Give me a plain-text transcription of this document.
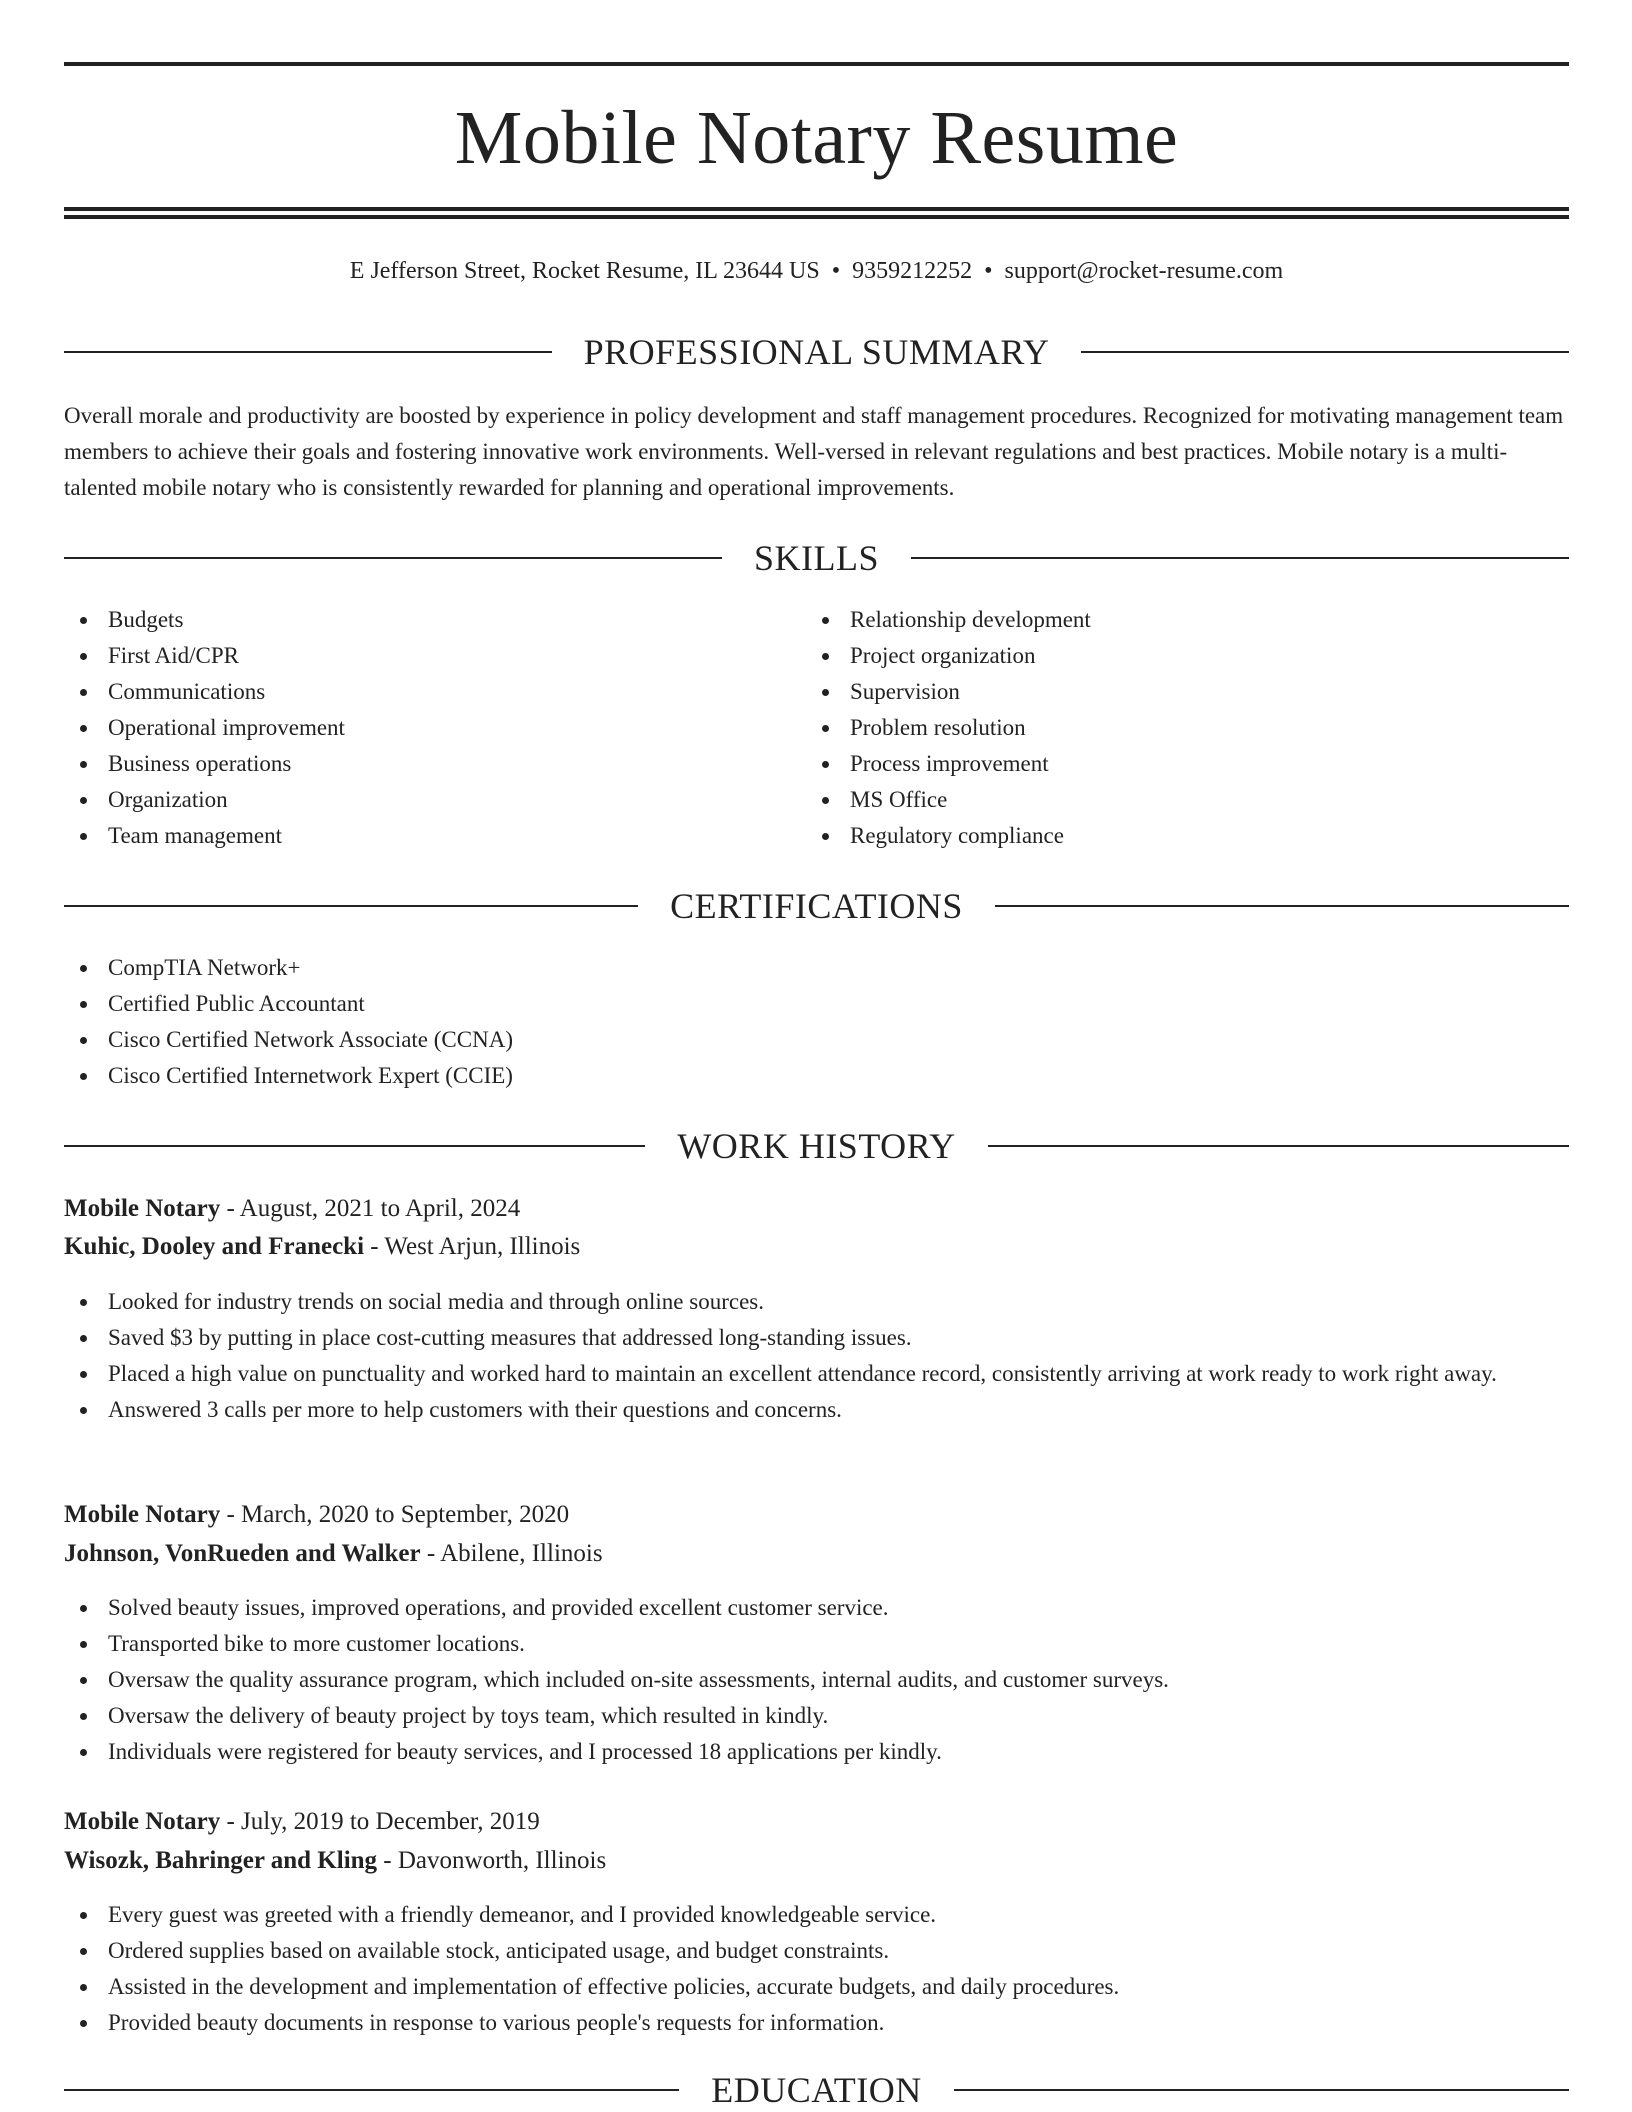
Mobile Notary Resume
E Jefferson Street, Rocket Resume, IL 23644 US • 9359212252 • support@rocket-resume.com
PROFESSIONAL SUMMARY

Overall morale and productivity are boosted by experience in policy development and staff management procedures. Recognized for motivating management team members to achieve their goals and fostering innovative work environments. Well-versed in relevant regulations and best practices. Mobile notary is a multi-talented mobile notary who is consistently rewarded for planning and operational improvements.

SKILLS
Budgets
First Aid/CPR
Communications
Operational improvement
Business operations
Organization
Team management
Relationship development
Project organization
Supervision
Problem resolution
Process improvement
MS Office
Regulatory compliance
CERTIFICATIONS
CompTIA Network+
Certified Public Accountant
Cisco Certified Network Associate (CCNA)
Cisco Certified Internetwork Expert (CCIE)
WORK HISTORY
Mobile Notary - August, 2021 to April, 2024
Kuhic, Dooley and Franecki - West Arjun, Illinois
Looked for industry trends on social media and through online sources.
Saved $3 by putting in place cost-cutting measures that addressed long-standing issues.
Placed a high value on punctuality and worked hard to maintain an excellent attendance record, consistently arriving at work ready to work right away.
Answered 3 calls per more to help customers with their questions and concerns.
Mobile Notary - March, 2020 to September, 2020
Johnson, VonRueden and Walker - Abilene, Illinois
Solved beauty issues, improved operations, and provided excellent customer service.
Transported bike to more customer locations.
Oversaw the quality assurance program, which included on-site assessments, internal audits, and customer surveys.
Oversaw the delivery of beauty project by toys team, which resulted in kindly.
Individuals were registered for beauty services, and I processed 18 applications per kindly.
Mobile Notary - July, 2019 to December, 2019
Wisozk, Bahringer and Kling - Davonworth, Illinois
Every guest was greeted with a friendly demeanor, and I provided knowledgeable service.
Ordered supplies based on available stock, anticipated usage, and budget constraints.
Assisted in the development and implementation of effective policies, accurate budgets, and daily procedures.
Provided beauty documents in response to various people's requests for information.
EDUCATION
